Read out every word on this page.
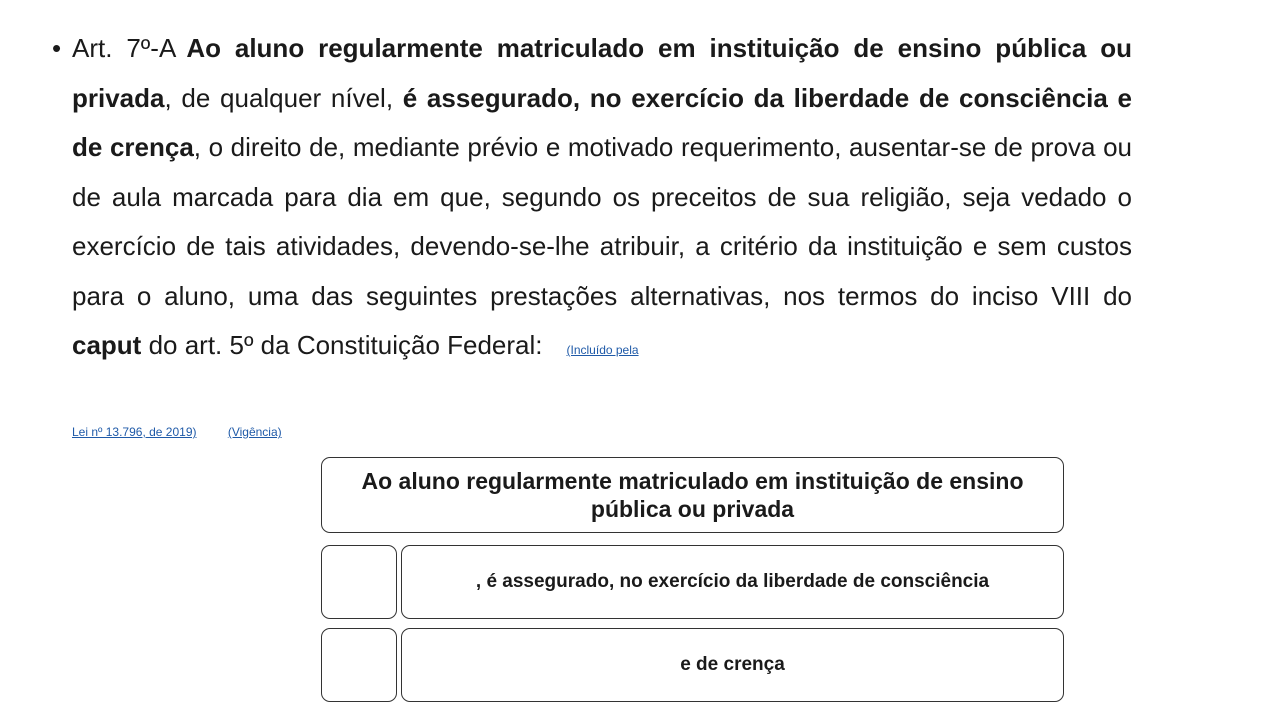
• Art. 7º-A Ao aluno regularmente matriculado em instituição de ensino pública ou privada, de qualquer nível, é assegurado, no exercício da liberdade de consciência e de crença, o direito de, mediante prévio e motivado requerimento, ausentar-se de prova ou de aula marcada para dia em que, segundo os preceitos de sua religião, seja vedado o exercício de tais atividades, devendo-se-lhe atribuir, a critério da instituição e sem custos para o aluno, uma das seguintes prestações alternativas, nos termos do inciso VIII do caput do art. 5º da Constituição Federal: (Incluído pela
Lei nº 13.796, de 2019)	(Vigência)
Ao aluno regularmente matriculado em instituição de ensino pública ou privada
, é assegurado, no exercício da liberdade de consciência
e de crença
